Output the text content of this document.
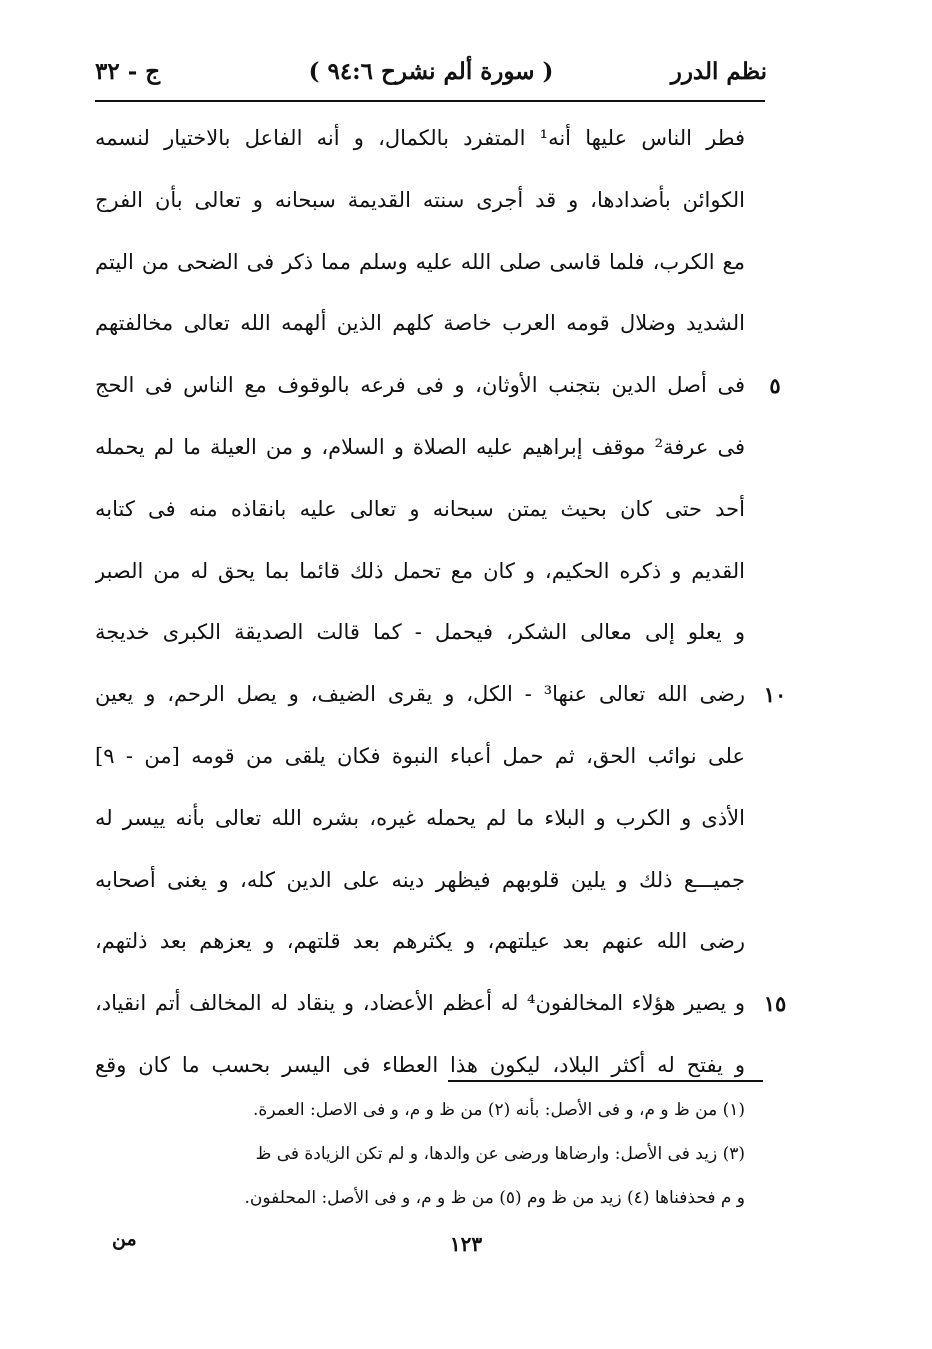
ج - ٣٢	( سورة ألم نشرح ٩٤:٦ )	نظم الدرر
فطر الناس عليها أنه¹ المتفرد بالكمال، و أنه الفاعل بالاختيار لنسمه
الكوائن بأضدادها، و قد أجرى سنته القديمة سبحانه و تعالى بأن الفرج
مع الكرب، فلما قاسى صلى الله عليه وسلم مما ذكر فى الضحى من اليتم
الشديد وضلال قومه العرب خاصة كلهم الذين ألهمه الله تعالى مخالفتهم
فى أصل الدين بتجنب الأوثان، و فى فرعه بالوقوف مع الناس فى الحج
فى عرفة² موقف إبراهيم عليه الصلاة و السلام، و من العيلة ما لم يحمله
أحد حتى كان بحيث يمتن سبحانه و تعالى عليه بانقاذه منه فى كتابه
القديم و ذكره الحكيم، و كان مع تحمل ذلك قائما بما يحق له من الصبر
و يعلو إلى معالى الشكر، فيحمل - كما قالت الصديقة الكبرى خديجة
رضى الله تعالى عنها³ - الكل، و يقرى الضيف، و يصل الرحم، و يعين
على نوائب الحق، ثم حمل أعباء النبوة فكان يلقى من قومه [من - ٩]
الأذى و الكرب و البلاء ما لم يحمله غيره، بشره الله تعالى بأنه ييسر له
جميـــع ذلك و يلين قلوبهم فيظهر دينه على الدين كله، و يغنى أصحابه
رضى الله عنهم بعد عيلتهم، و يكثرهم بعد قلتهم، و يعزهم بعد ذلتهم،
و يصير هؤلاء المخالفون⁴ له أعظم الأعضاد، و ينقاد له المخالف أتم انقياد،
و يفتح له أكثر البلاد، ليكون هذا العطاء فى اليسر بحسب ما كان وقع
٥
١٠
١٥
(١) من ظ و م، و فى الأصل: بأنه (٢) من ظ و م، و فى الاصل: العمرة.
(٣) زيد فى الأصل: وارضاها ورضى عن والدها، و لم تكن الزيادة فى ظ
و م فحذفناها (٤) زيد من ظ وم (٥) من ظ و م، و فى الأصل: المحلفون.
١٢٣
من
